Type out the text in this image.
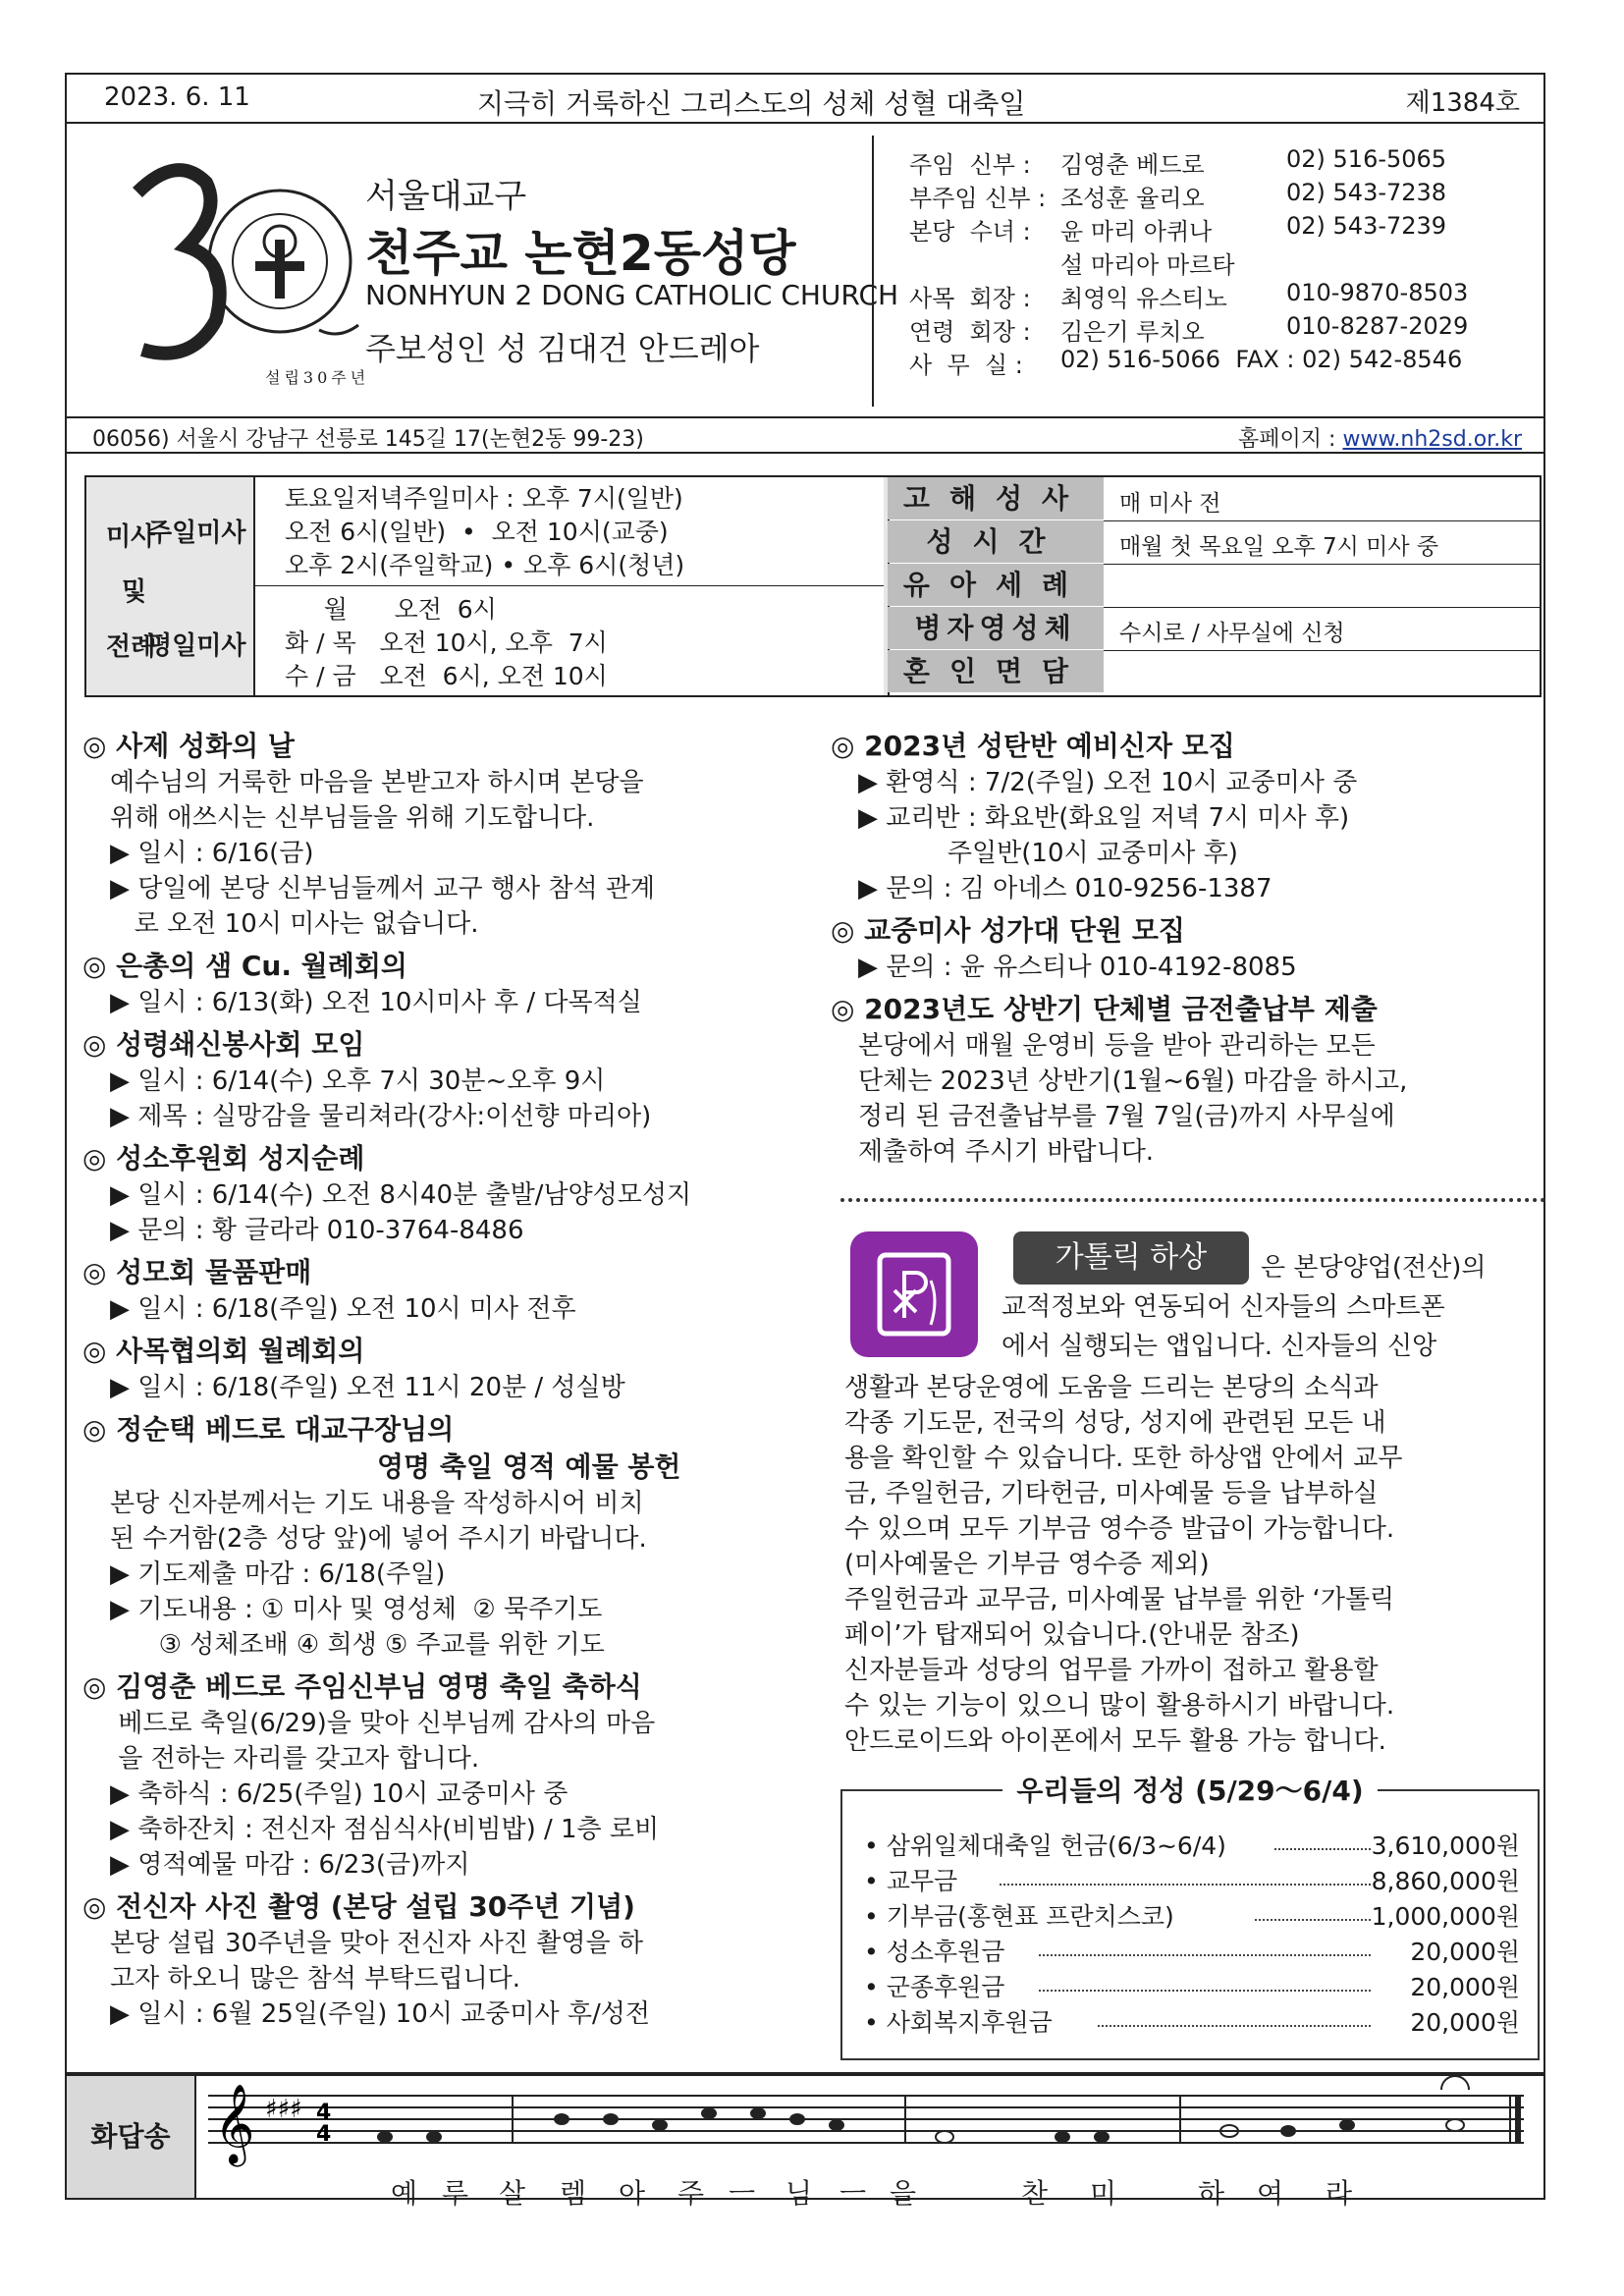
2023. 6. 11	지극히 거룩하신 그리스도의 성체 성혈 대축일	제1384호
설립30주년
서울대교구
천주교 논현2동성당
NONHYUN 2 DONG CATHOLIC CHURCH
주보성인 성 김대건 안드레아
주임  신부 : 김영춘 베드로	02) 516-5065
부주임 신부 : 조성훈 율리오	02) 543-7238
본당  수녀 : 윤 마리 아퀴나	02) 543-7239
설 마리아 마르타
사목  회장 : 최영익 유스티노	010-9870-8503
연령  회장 : 김은기 루치오	010-8287-2029
사  무  실 : 02) 516-5066  FAX : 02) 542-8546
06056) 서울시 강남구 선릉로 145길 17(논현2동 99-23)	홈페이지 : www.nh2sd.or.kr
미사
및
전례
주일미사
토요일저녁주일미사 : 오후 7시(일반)
오전 6시(일반)  •  오전 10시(교중)
오후 2시(주일학교) • 오후 6시(청년)
평일미사
월      오전  6시
화 / 목   오전 10시, 오후  7시
수 / 금   오전  6시, 오전 10시
고해성사	매 미사 전
성시간	매월 첫 목요일 오후 7시 미사 중
유아세례
병자영성체	수시로 / 사무실에 신청
혼인면담
◎ 사제 성화의 날
예수님의 거룩한 마음을 본받고자 하시며 본당을
위해 애쓰시는 신부님들을 위해 기도합니다.
▶ 일시 : 6/16(금)
▶ 당일에 본당 신부님들께서 교구 행사 참석 관계
로 오전 10시 미사는 없습니다.
◎ 은총의 샘 Cu. 월례회의
▶ 일시 : 6/13(화) 오전 10시미사 후 / 다목적실
◎ 성령쇄신봉사회 모임
▶ 일시 : 6/14(수) 오후 7시 30분~오후 9시
▶ 제목 : 실망감을 물리쳐라(강사:이선향 마리아)
◎ 성소후원회 성지순례
▶ 일시 : 6/14(수) 오전 8시40분 출발/남양성모성지
▶ 문의 : 황 글라라 010-3764-8486
◎ 성모회 물품판매
▶ 일시 : 6/18(주일) 오전 10시 미사 전후
◎ 사목협의회 월례회의
▶ 일시 : 6/18(주일) 오전 11시 20분 / 성실방
◎ 정순택 베드로 대교구장님의
영명 축일 영적 예물 봉헌
본당 신자분께서는 기도 내용을 작성하시어 비치
된 수거함(2층 성당 앞)에 넣어 주시기 바랍니다.
▶ 기도제출 마감 : 6/18(주일)
▶ 기도내용 : ① 미사 및 영성체  ② 묵주기도
③ 성체조배 ④ 희생 ⑤ 주교를 위한 기도
◎ 김영춘 베드로 주임신부님 영명 축일 축하식
베드로 축일(6/29)을 맞아 신부님께 감사의 마음
을 전하는 자리를 갖고자 합니다.
▶ 축하식 : 6/25(주일) 10시 교중미사 중
▶ 축하잔치 : 전신자 점심식사(비빔밥) / 1층 로비
▶ 영적예물 마감 : 6/23(금)까지
◎ 전신자 사진 촬영 (본당 설립 30주년 기념)
본당 설립 30주년을 맞아 전신자 사진 촬영을 하
고자 하오니 많은 참석 부탁드립니다.
▶ 일시 : 6월 25일(주일) 10시 교중미사 후/성전
◎ 2023년 성탄반 예비신자 모집
▶ 환영식 : 7/2(주일) 오전 10시 교중미사 중
▶ 교리반 : 화요반(화요일 저녁 7시 미사 후)
주일반(10시 교중미사 후)
▶ 문의 : 김 아네스 010-9256-1387
◎ 교중미사 성가대 단원 모집
▶ 문의 : 윤 유스티나 010-4192-8085
◎ 2023년도 상반기 단체별 금전출납부 제출
본당에서 매월 운영비 등을 받아 관리하는 모든
단체는 2023년 상반기(1월~6월) 마감을 하시고,
정리 된 금전출납부를 7월 7일(금)까지 사무실에
제출하여 주시기 바랍니다.
가톨릭 하상	은 본당양업(전산)의
교적정보와 연동되어 신자들의 스마트폰
에서 실행되는 앱입니다. 신자들의 신앙
생활과 본당운영에 도움을 드리는 본당의 소식과
각종 기도문, 전국의 성당, 성지에 관련된 모든 내
용을 확인할 수 있습니다. 또한 하상앱 안에서 교무
금, 주일헌금, 기타헌금, 미사예물 등을 납부하실
수 있으며 모두 기부금 영수증 발급이 가능합니다.
(미사예물은 기부금 영수증 제외)
주일헌금과 교무금, 미사예물 납부를 위한 ‘가톨릭
페이’가 탑재되어 있습니다.(안내문 참조)
신자분들과 성당의 업무를 가까이 접하고 활용할
수 있는 기능이 있으니 많이 활용하시기 바랍니다.
안드로이드와 아이폰에서 모두 활용 가능 합니다.
우리들의 정성 (5/29～6/4)
• 삼위일체대축일 헌금(6/3~6/4)	3,610,000원
• 교무금	8,860,000원
• 기부금(홍현표 프란치스코)	1,000,000원
• 성소후원금	20,000원
• 군종후원금	20,000원
• 사회복지후원금	20,000원
화답송 𝄞 ♯♯♯ 4
4
예 루 살 렘 아 주 ㅡ 님 ㅡ 을	찬 미	하 여 라
